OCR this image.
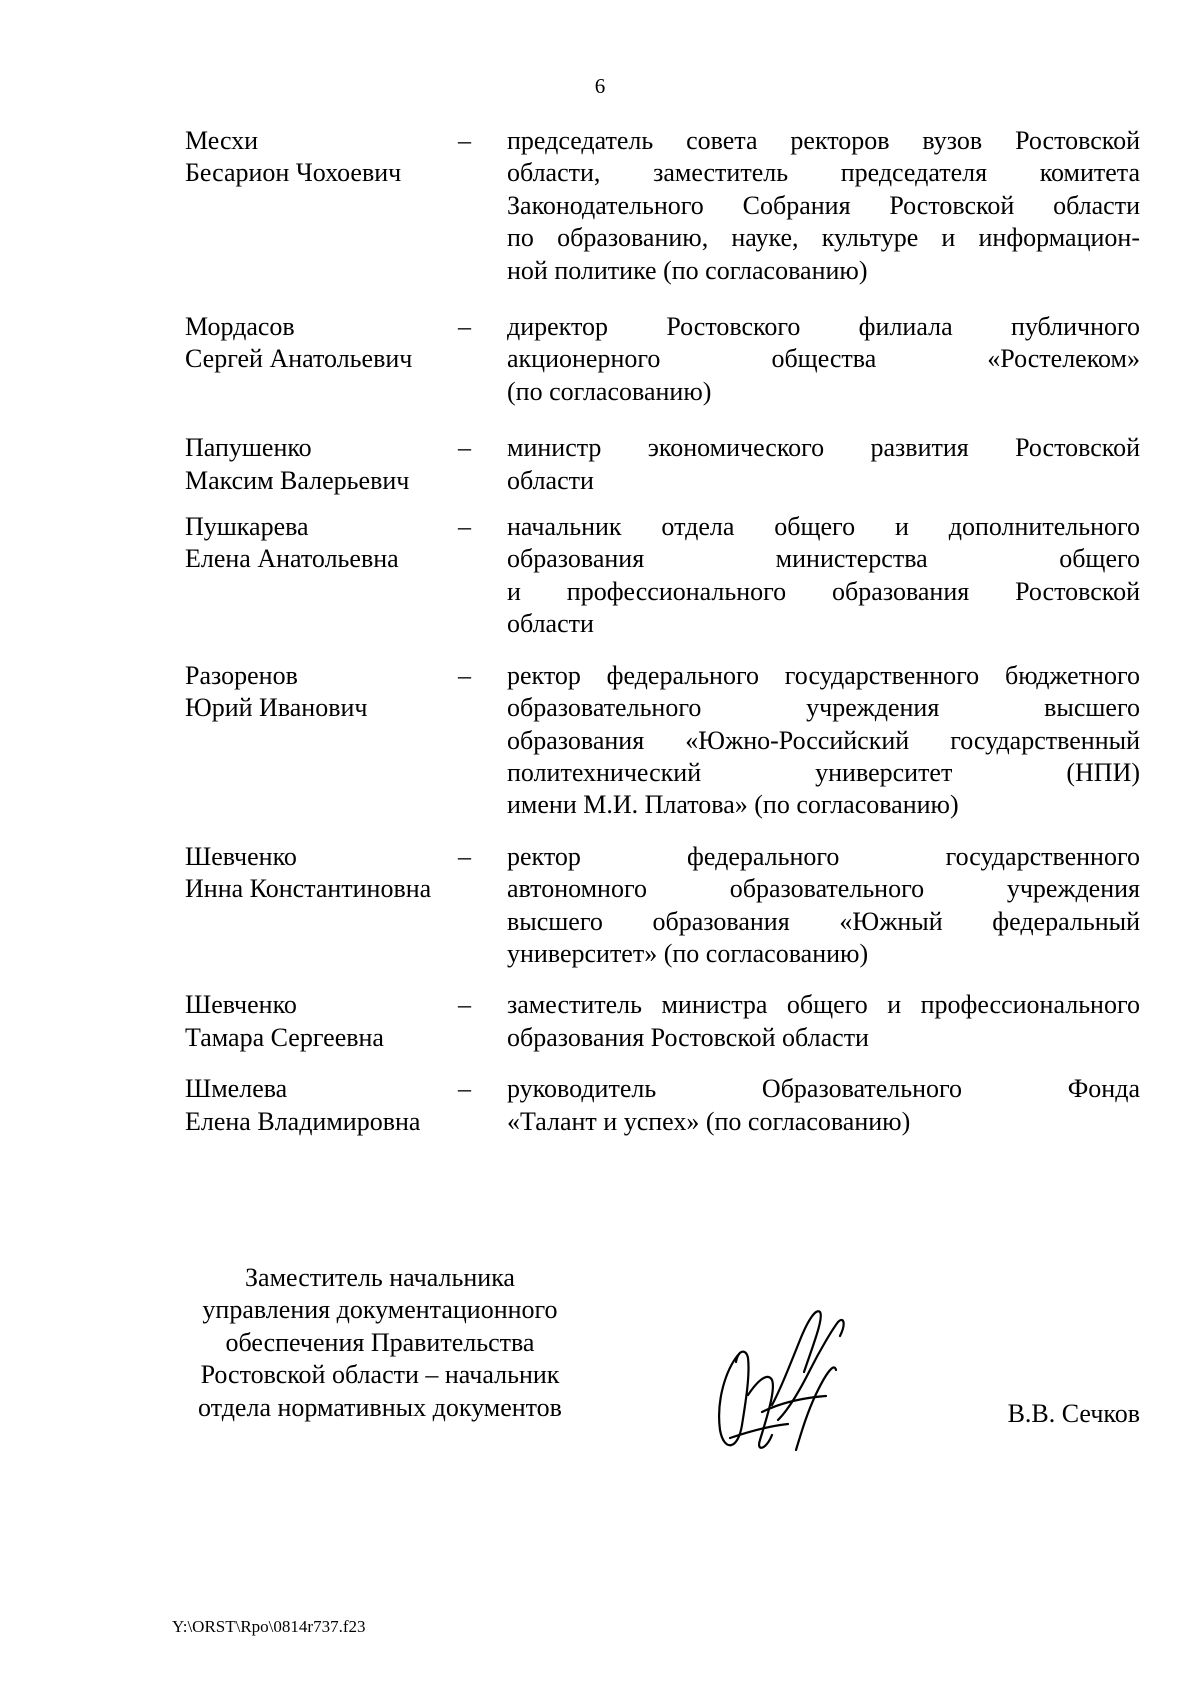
6
Месхи
Бесарион Чохоевич
–	председатель совета ректоров вузов Ростовской
области, заместитель председателя комитета
Законодательного Собрания Ростовской области
по образованию, науке, культуре и информацион-
ной политике (по согласованию)
Мордасов
Сергей Анатольевич
–	директор Ростовского филиала публичного
акционерного общества «Ростелеком»
(по согласованию)
Папушенко
Максим Валерьевич
–	министр экономического развития Ростовской
области
Пушкарева
Елена Анатольевна
–	начальник отдела общего и дополнительного
образования министерства общего
и профессионального образования Ростовской
области
Разоренов
Юрий Иванович
–	ректор федерального государственного бюджетного
образовательного учреждения высшего
образования «Южно-Российский государственный
политехнический университет (НПИ)
имени М.И. Платова» (по согласованию)
Шевченко
Инна Константиновна
–	ректор федерального государственного
автономного образовательного учреждения
высшего образования «Южный федеральный
университет» (по согласованию)
Шевченко
Тамара Сергеевна
–	заместитель министра общего и профессионального
образования Ростовской области
Шмелева
Елена Владимировна
–	руководитель Образовательного Фонда
«Талант и успех» (по согласованию)
Заместитель начальника
управления документационного
обеспечения Правительства
Ростовской области – начальник
отдела нормативных документов	В.В. Сечков
Y:\ORST\Rpo\0814r737.f23
